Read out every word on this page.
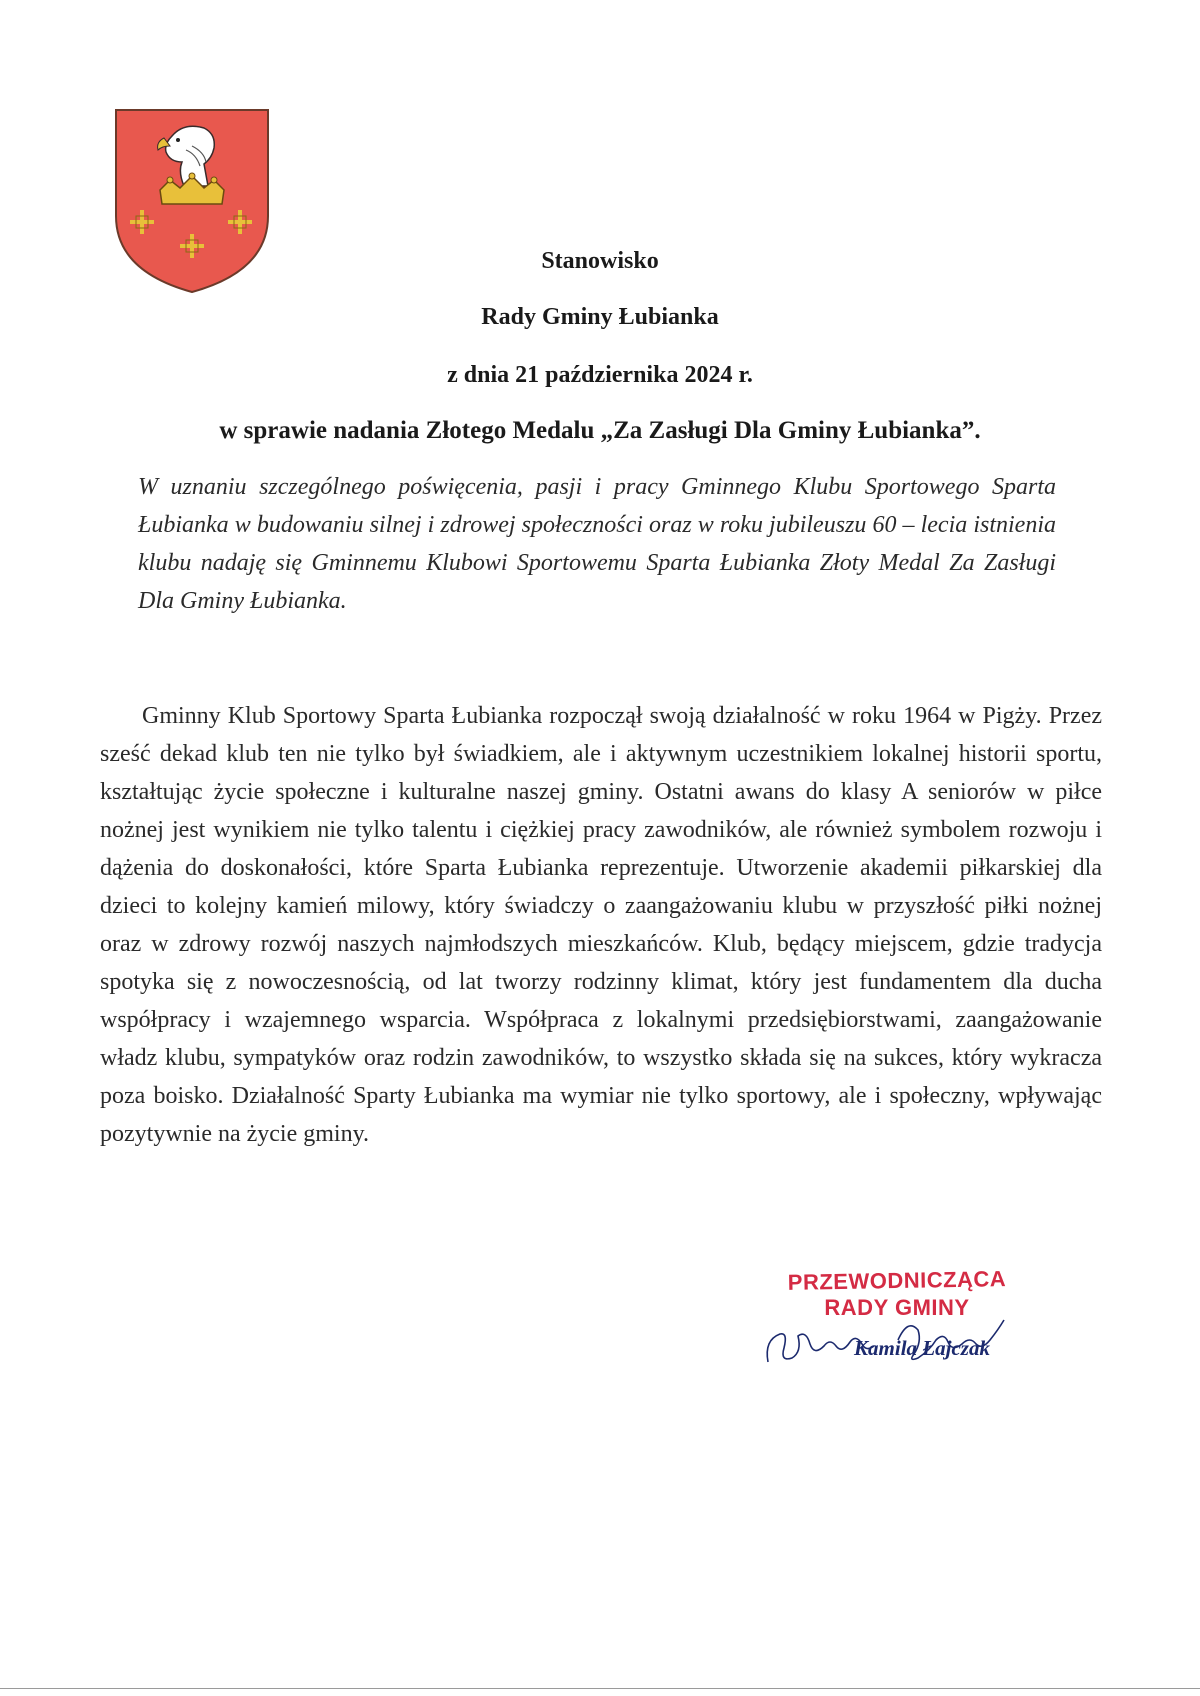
Stanowisko
Rady Gminy Łubianka
z dnia 21 października 2024 r.
w sprawie nadania Złotego Medalu „Za Zasługi Dla Gminy Łubianka”.
W uznaniu szczególnego poświęcenia, pasji i pracy Gminnego Klubu Sportowego Sparta Łubianka w budowaniu silnej i zdrowej społeczności oraz w roku jubileuszu 60 – lecia istnienia klubu nadaję się Gminnemu Klubowi Sportowemu Sparta Łubianka Złoty Medal Za Zasługi Dla Gminy Łubianka.
Gminny Klub Sportowy Sparta Łubianka rozpoczął swoją działalność w roku 1964 w Pigży. Przez sześć dekad klub ten nie tylko był świadkiem, ale i aktywnym uczestnikiem lokalnej historii sportu, kształtując życie społeczne i kulturalne naszej gminy. Ostatni awans do klasy A seniorów w piłce nożnej jest wynikiem nie tylko talentu i ciężkiej pracy zawodników, ale również symbolem rozwoju i dążenia do doskonałości, które Sparta Łubianka reprezentuje. Utworzenie akademii piłkarskiej dla dzieci to kolejny kamień milowy, który świadczy o zaangażowaniu klubu w przyszłość piłki nożnej oraz w zdrowy rozwój naszych najmłodszych mieszkańców. Klub, będący miejscem, gdzie tradycja spotyka się z nowoczesnością, od lat tworzy rodzinny klimat, który jest fundamentem dla ducha współpracy i wzajemnego wsparcia. Współpraca z lokalnymi przedsiębiorstwami, zaangażowanie władz klubu, sympatyków oraz rodzin zawodników, to wszystko składa się na sukces, który wykracza poza boisko. Działalność Sparty Łubianka ma wymiar nie tylko sportowy, ale i społeczny, wpływając pozytywnie na życie gminy.
PRZEWODNICZĄCA
RADY GMINY
Kamila Łajczak
